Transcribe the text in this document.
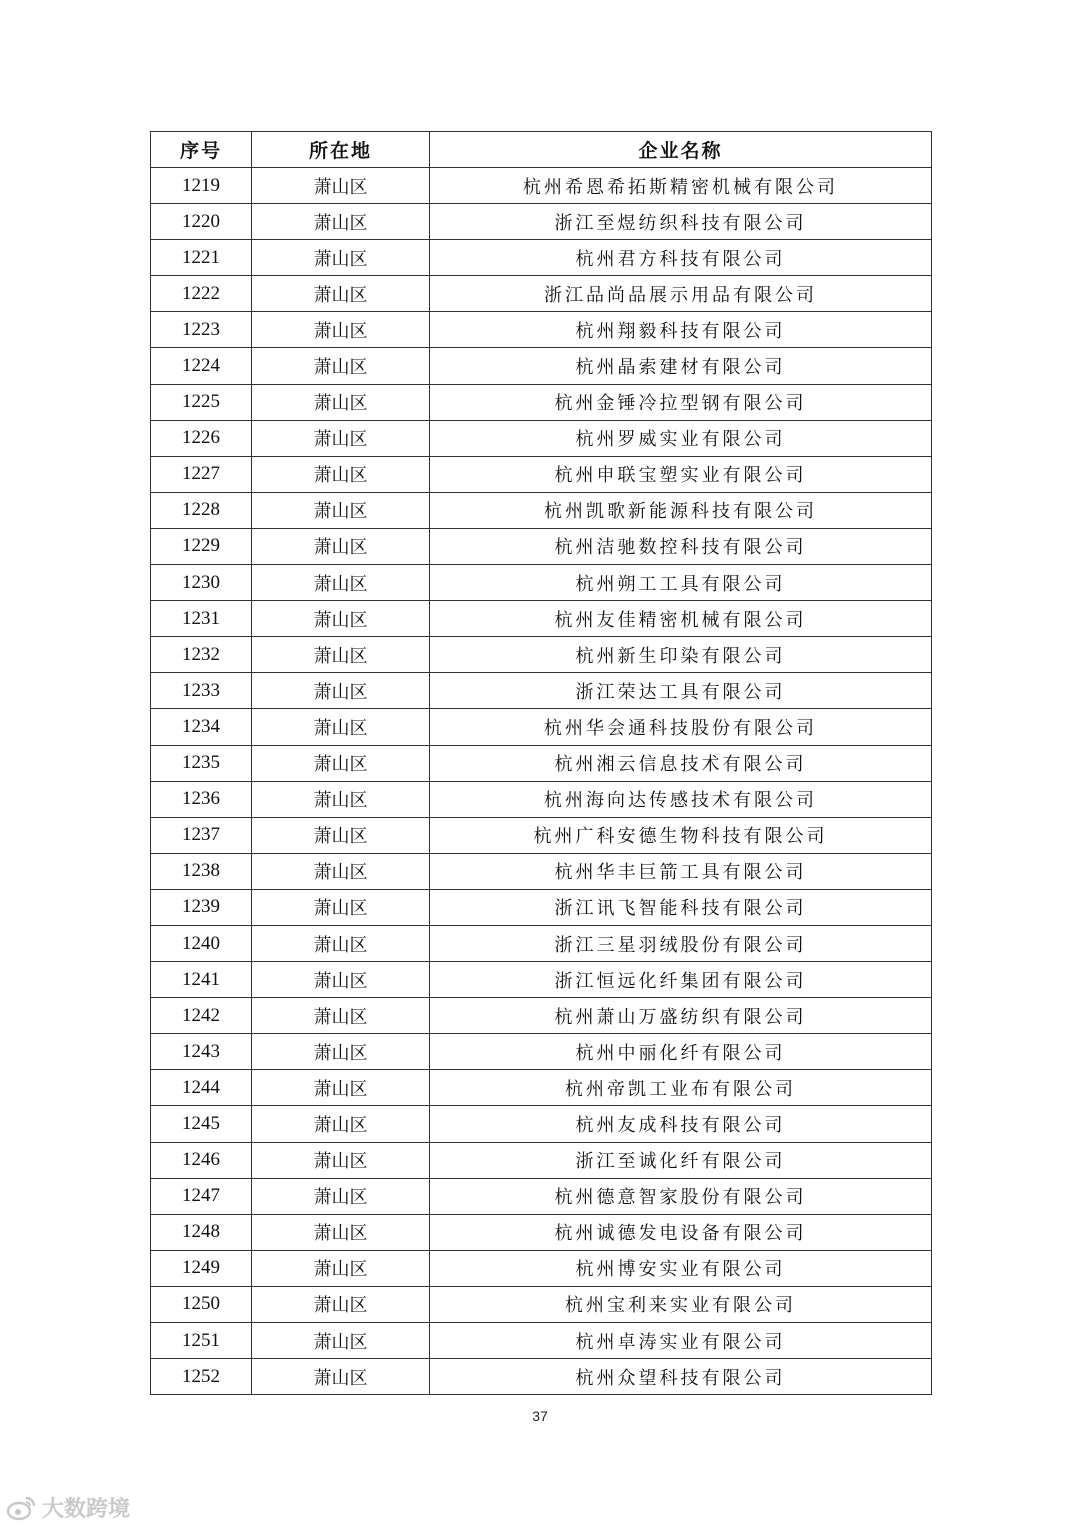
序号	所在地	企业名称
1219	萧山区	杭州希恩希拓斯精密机械有限公司
1220	萧山区	浙江至煜纺织科技有限公司
1221	萧山区	杭州君方科技有限公司
1222	萧山区	浙江品尚品展示用品有限公司
1223	萧山区	杭州翔毅科技有限公司
1224	萧山区	杭州晶索建材有限公司
1225	萧山区	杭州金锤冷拉型钢有限公司
1226	萧山区	杭州罗威实业有限公司
1227	萧山区	杭州申联宝塑实业有限公司
1228	萧山区	杭州凯歌新能源科技有限公司
1229	萧山区	杭州洁驰数控科技有限公司
1230	萧山区	杭州朔工工具有限公司
1231	萧山区	杭州友佳精密机械有限公司
1232	萧山区	杭州新生印染有限公司
1233	萧山区	浙江荣达工具有限公司
1234	萧山区	杭州华会通科技股份有限公司
1235	萧山区	杭州湘云信息技术有限公司
1236	萧山区	杭州海向达传感技术有限公司
1237	萧山区	杭州广科安德生物科技有限公司
1238	萧山区	杭州华丰巨箭工具有限公司
1239	萧山区	浙江讯飞智能科技有限公司
1240	萧山区	浙江三星羽绒股份有限公司
1241	萧山区	浙江恒远化纤集团有限公司
1242	萧山区	杭州萧山万盛纺织有限公司
1243	萧山区	杭州中丽化纤有限公司
1244	萧山区	杭州帝凯工业布有限公司
1245	萧山区	杭州友成科技有限公司
1246	萧山区	浙江至诚化纤有限公司
1247	萧山区	杭州德意智家股份有限公司
1248	萧山区	杭州诚德发电设备有限公司
1249	萧山区	杭州博安实业有限公司
1250	萧山区	杭州宝利来实业有限公司
1251	萧山区	杭州卓涛实业有限公司
1252	萧山区	杭州众望科技有限公司
37
大数跨境
